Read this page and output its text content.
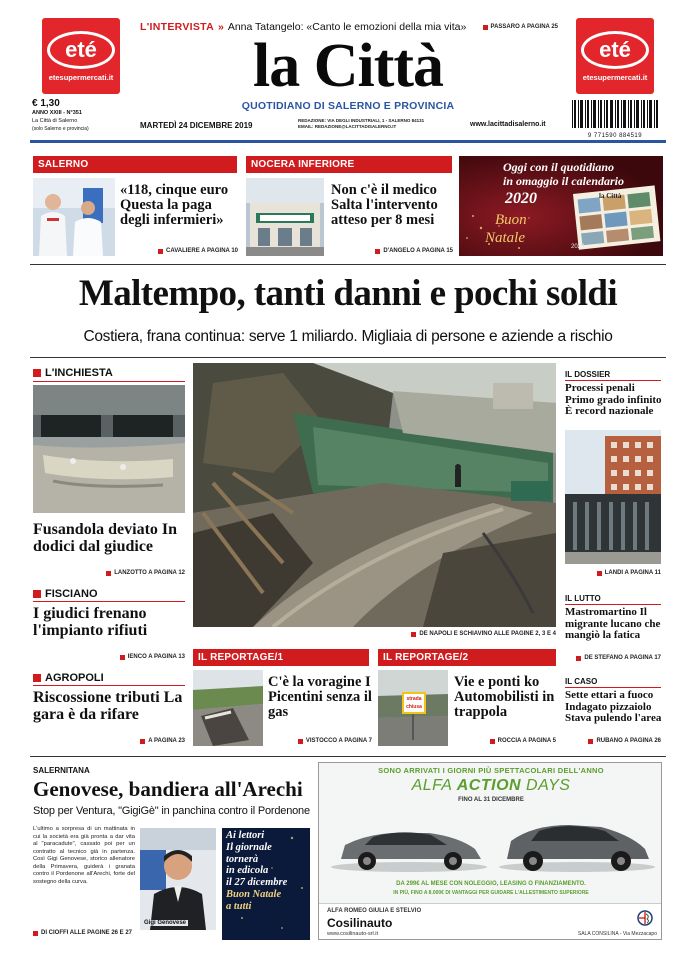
eté
etesupermercati.it
eté
etesupermercati.it
L'INTERVISTA » Anna Tatangelo: «Canto le emozioni della mia vita»	PASSARO A PAGINA 25
la Città
QUOTIDIANO DI SALERNO E PROVINCIA
€ 1,30
ANNO XXIII - N°351
La Città di Salerno
(solo Salerno e provincia)	MARTEDÌ 24 DICEMBRE 2019
REDAZIONE: VIA DEGLI INDUSTRIALI, 1 - SALERNO 84131
EMAIL: REDAZIONE@LACITTADISALERNO.IT	www.lacittadisalerno.it
9 771590 884519
SALERNO
«118, cinque euro Questa la paga degli infermieri»
CAVALIERE A PAGINA 10
NOCERA INFERIORE
Non c'è il medico Salta l'intervento atteso per 8 mesi
D'ANGELO A PAGINA 15
Oggi con il quotidiano
in omaggio il calendario
2020
Buon
Natale
la Città
2020
Maltempo, tanti danni e pochi soldi
Costiera, frana continua: serve 1 miliardo. Migliaia di persone e aziende a rischio
L'INCHIESTA
Fusandola deviato In dodici dal giudice
LANZOTTO A PAGINA 12
FISCIANO
I giudici frenano l'impianto rifiuti
IENCO A PAGINA 13
AGROPOLI
Riscossione tributi La gara è da rifare
A PAGINA 23
DE NAPOLI E SCHIAVINO ALLE PAGINE 2, 3 E 4
IL REPORTAGE/1
C'è la voragine I Picentini senza il gas
VISTOCCO A PAGINA 7
IL REPORTAGE/2
strada
chiusa
Vie e ponti ko Automobilisti in trappola
ROCCIA A PAGINA 5
IL DOSSIER
Processi penali Primo grado infinito È record nazionale
LANDI A PAGINA 11
IL LUTTO
Mastromartino Il migrante lucano che mangiò la fatica
DE STEFANO A PAGINA 17
IL CASO
Sette ettari a fuoco Indagato pizzaiolo Stava pulendo l'area
RUBANO A PAGINA 26
SALERNITANA
Genovese, bandiera all'Arechi
Stop per Ventura, "GigiGè" in panchina contro il Pordenone
L'ultimo a sorpresa di un mattinata in cui la società era già pronta a dar vita al "paracadute", cassato poi per un contratto al tecnico già in partenza. Così Gigi Genovese, storico allenatore della Primavera, guiderà i granata contro il Pordenone all'Arechi, forte del sostegno della curva.
Gigi Genovese
Ai lettori
Il giornale
tornerà
in edicola
il 27 dicembre
Buon Natale
a tutti
DI CIOFFI ALLE PAGINE 26 E 27
SONO ARRIVATI I GIORNI PIÙ SPETTACOLARI DELL'ANNO
ALFA ACTION DAYS
FINO AL 31 DICEMBRE
DA 299€ AL MESE CON NOLEGGIO, LEASING O FINANZIAMENTO.
IN PIÙ, FINO A 8.000€ DI VANTAGGI PER GUIDARE L'ALLESTIMENTO SUPERIORE
ALFA ROMEO GIULIA E STELVIO
Cosilinauto
www.cosilinauto-srl.it	SALA CONSILINA - Via Mezzacapo
